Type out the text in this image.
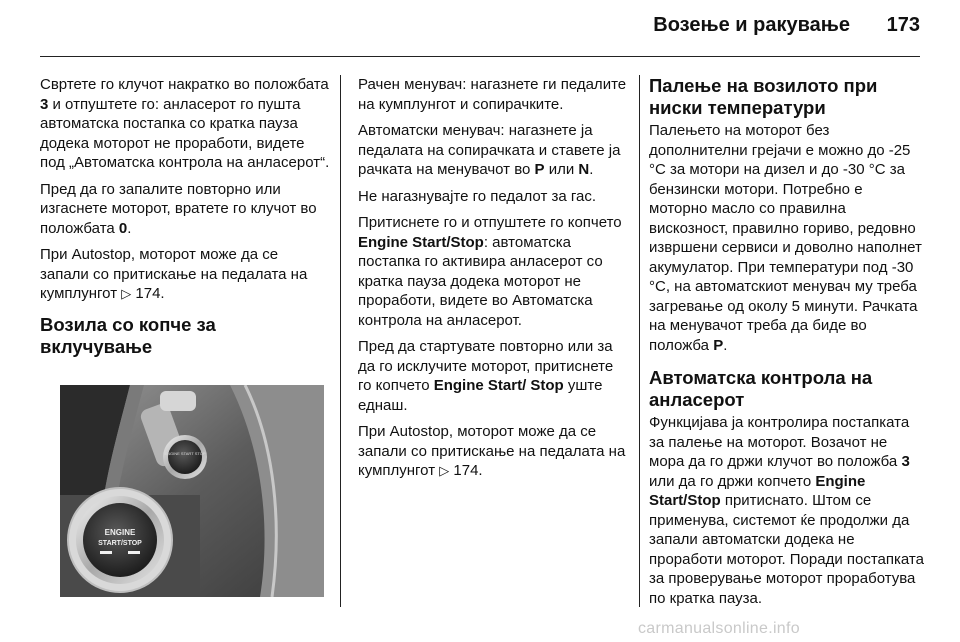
Возење и ракување	173

Свртете го клучот накратко во положбата 3 и отпуштете го: анласерот го пушта автоматска постапка со кратка пауза додека моторот не проработи, видете под „Автоматска контрола на анласерот“.

Пред да го запалите повторно или изгаснете моторот, вратете го клучот во положбата 0.

При Autostop, моторот може да се запали со притискање на педалата на кумплунгот ▷ 174.

Возила со копче за вклучување
ENGINE START STOP
ENGINE
START/STOP

Рачен менувач: нагазнете ги педалите на кумплунгот и сопирачките.

Автоматски менувач: нагазнете ја педалата на сопирачката и ставете ја рачката на менувачот во P или N.

Не нагазнувајте го педалот за гас.

Притиснете го и отпуштете го копчето Engine Start/Stop: автоматска постапка го активира анласерот со кратка пауза додека моторот не проработи, видете во Автоматска контрола на анласерот.

Пред да стартувате повторно или за да го исклучите моторот, притиснете го копчето Engine Start/ Stop уште еднаш.

При Autostop, моторот може да се запали со притискање на педалата на кумплунгот ▷ 174.

Палење на возилото при ниски температури

Палењето на моторот без дополнителни грејачи е можно до -25 °C за мотори на дизел и до -30 °C за бензински мотори. Потребно е моторно масло со правилна вискозност, правилно гориво, редовно извршени сервиси и доволно наполнет акумулатор. При температури под -30 °C, на автоматскиот менувач му треба загревање од околу 5 минути. Рачката на менувачот треба да биде во положба P.

Автоматска контрола на анласерот

Функцијава ја контролира постапката за палење на моторот. Возачот не мора да го држи клучот во положба 3 или да го држи копчето Engine Start/Stop притиснато. Штом се применува, системот ќе продолжи да запали автоматски додека не проработи моторот. Поради постапката за проверување моторот проработува по кратка пауза.

carmanualsonline.info
